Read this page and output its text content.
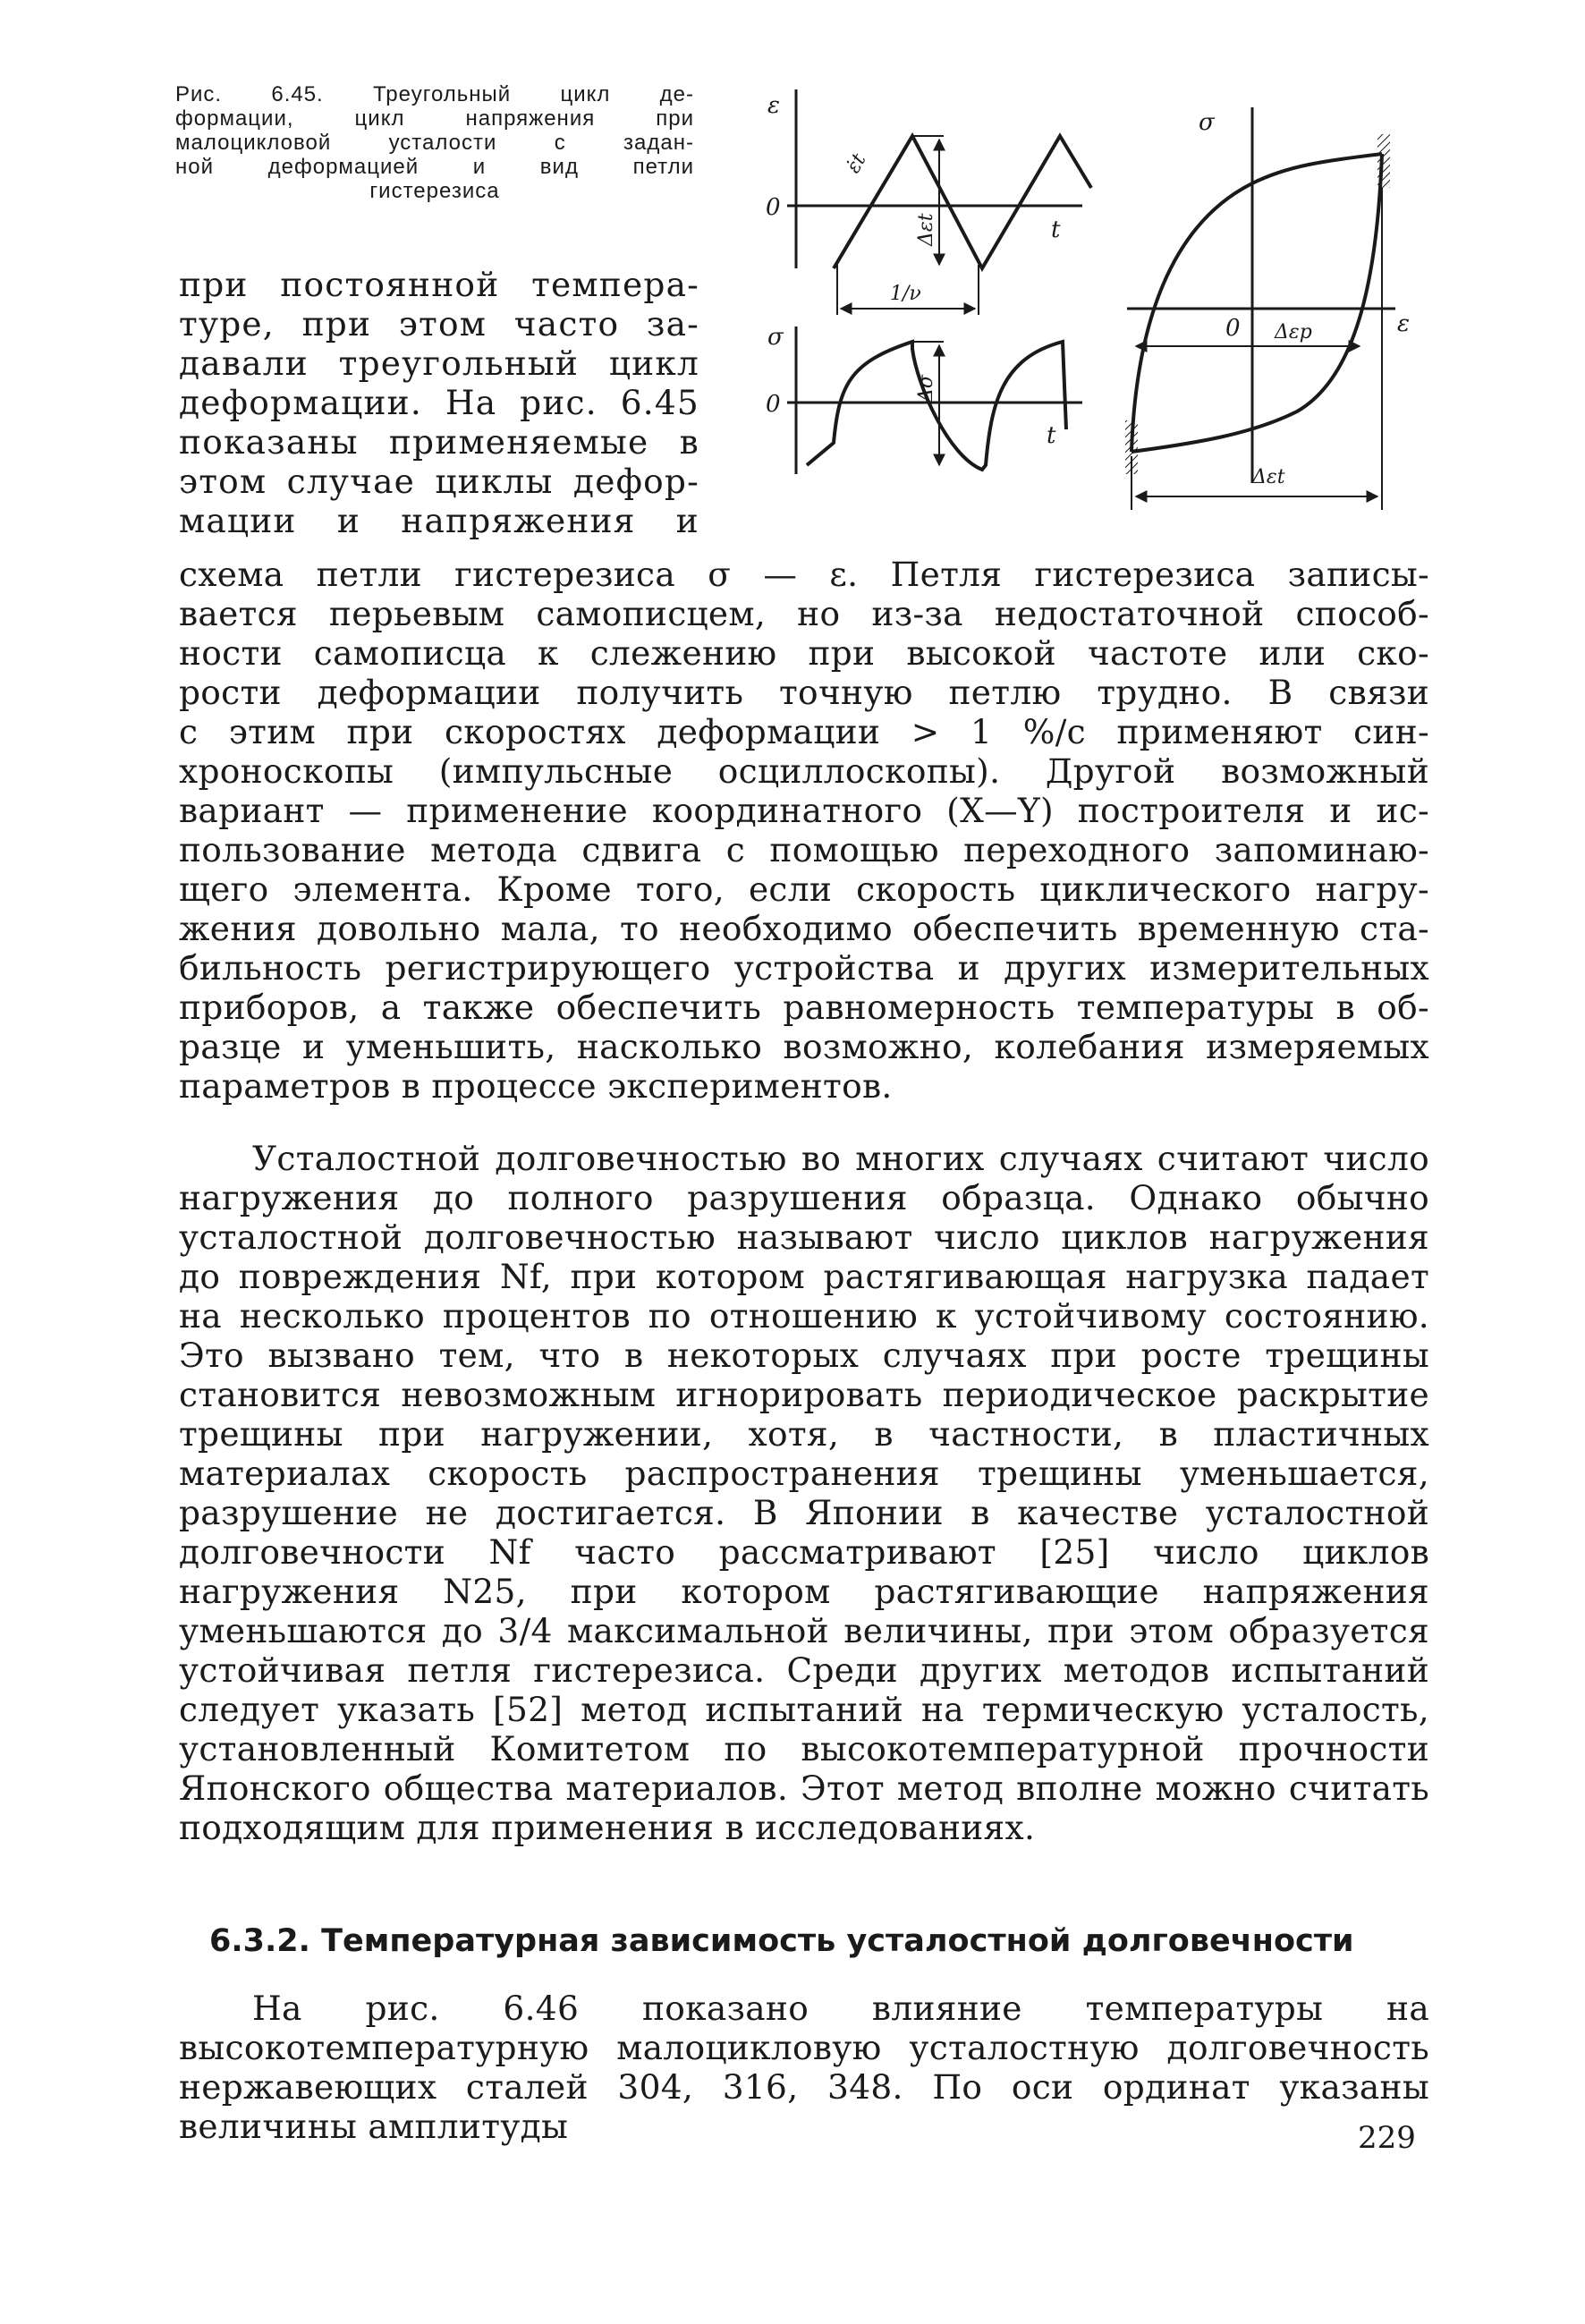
Рис. 6.45. Треугольный цикл де-
формации, цикл напряжения при
малоцикловой усталости с задан-
ной деформацией и вид петли
гистерезиса
ε
0
ε̇t
Δεt	t
1/ν
σ
0
Δσ
t
σ
ε
0 Δεp
Δεt
при постоянной темпера-
туре, при этом часто за-
давали треугольный цикл
деформации. На рис. 6.45
показаны применяемые в
этом случае циклы дефор-
мации и напряжения и
схема петли гистерезиса σ — ε. Петля гистерезиса записы-
вается перьевым самописцем, но из-за недостаточной способ-
ности самописца к слежению при высокой частоте или ско-
рости деформации получить точную петлю трудно. В связи
с этим при скоростях деформации > 1 %/с применяют син-
хроноскопы (импульсные осциллоскопы). Другой возможный
вариант — применение координатного (X—Y) построителя и ис-
пользование метода сдвига с помощью переходного запоминаю-
щего элемента. Кроме того, если скорость циклического нагру-
жения довольно мала, то необходимо обеспечить временную ста-
бильность регистрирующего устройства и других измерительных
приборов, а также обеспечить равномерность температуры в об-
разце и уменьшить, насколько возможно, колебания измеряемых
параметров в процессе экспериментов.

Усталостной долговечностью во многих случаях считают число нагружения до полного разрушения образца. Однако обычно усталостной долговечностью называют число циклов нагружения до повреждения Nf, при котором растягивающая нагрузка падает на несколько процентов по отношению к устойчивому состоянию. Это вызвано тем, что в некоторых случаях при росте трещины становится невозможным игнорировать периодическое раскрытие трещины при нагружении, хотя, в частности, в пластичных материалах скорость распространения трещины уменьшается, разрушение не достигается. В Японии в качестве усталостной долговечности Nf часто рассматривают [25] число циклов нагружения N25, при котором растягивающие напряжения уменьшаются до 3/4 максимальной величины, при этом образуется устойчивая петля гистерезиса. Среди других методов испытаний следует указать [52] метод испытаний на термическую усталость, установленный Комитетом по высокотемпературной прочности Японского общества материалов. Этот метод вполне можно считать подходящим для применения в исследованиях.

6.3.2. Температурная зависимость усталостной долговечности

На рис. 6.46 показано влияние температуры на высокотемпературную малоцикловую усталостную долговечность нержавеющих сталей 304, 316, 348. По оси ординат указаны величины амплитуды	229
